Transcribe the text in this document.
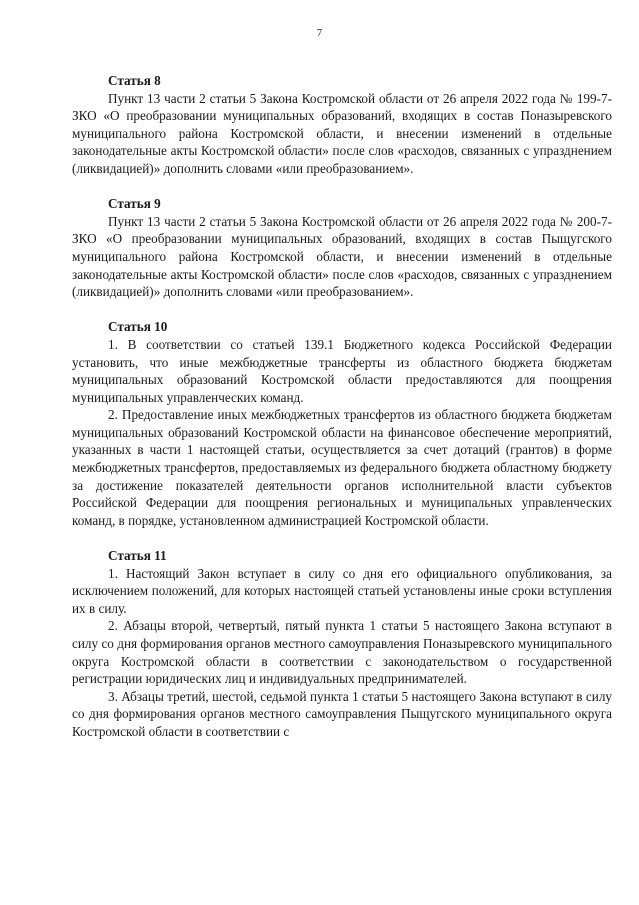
7

Статья 8

Пункт 13 части 2 статьи 5 Закона Костромской области от 26 апреля 2022 года № 199-7-ЗКО «О преобразовании муниципальных образований, входящих в состав Поназыревского муниципального района Костромской области, и внесении изменений в отдельные законодательные акты Костромской области» после слов «расходов, связанных с упразднением (ликвидацией)» дополнить словами «или преобразованием».

Статья 9

Пункт 13 части 2 статьи 5 Закона Костромской области от 26 апреля 2022 года № 200-7-ЗКО «О преобразовании муниципальных образований, входящих в состав Пыщугского муниципального района Костромской области, и внесении изменений в отдельные законодательные акты Костромской области» после слов «расходов, связанных с упразднением (ликвидацией)» дополнить словами «или преобразованием».

Статья 10

1. В соответствии со статьей 139.1 Бюджетного кодекса Российской Федерации установить, что иные межбюджетные трансферты из областного бюджета бюджетам муниципальных образований Костромской области предоставляются для поощрения муниципальных управленческих команд.

2. Предоставление иных межбюджетных трансфертов из областного бюджета бюджетам муниципальных образований Костромской области на финансовое обеспечение мероприятий, указанных в части 1 настоящей статьи, осуществляется за счет дотаций (грантов) в форме межбюджетных трансфертов, предоставляемых из федерального бюджета областному бюджету за достижение показателей деятельности органов исполнительной власти субъектов Российской Федерации для поощрения региональных и муниципальных управленческих команд, в порядке, установленном администрацией Костромской области.

Статья 11

1. Настоящий Закон вступает в силу со дня его официального опубликования, за исключением положений, для которых настоящей статьей установлены иные сроки вступления их в силу.

2. Абзацы второй, четвертый, пятый пункта 1 статьи 5 настоящего Закона вступают в силу со дня формирования органов местного самоуправления Поназыревского муниципального округа Костромской области в соответствии с законодательством о государственной регистрации юридических лиц и индивидуальных предпринимателей.

3. Абзацы третий, шестой, седьмой пункта 1 статьи 5 настоящего Закона вступают в силу со дня формирования органов местного самоуправления Пыщугского муниципального округа Костромской области в соответствии с
